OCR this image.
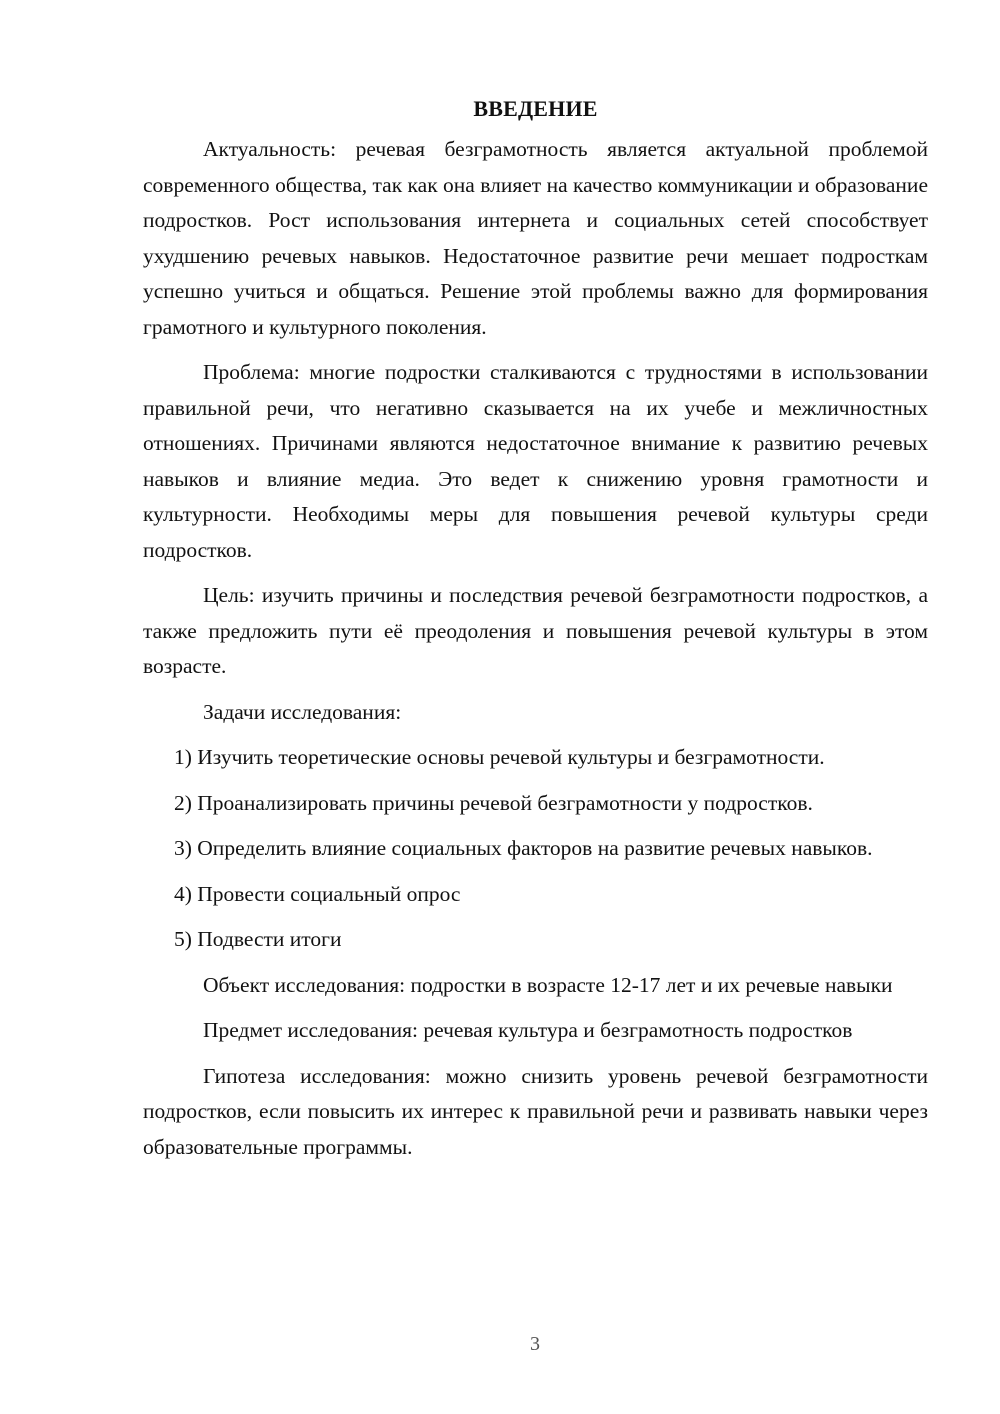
ВВЕДЕНИЕ

Актуальность: речевая безграмотность является актуальной проблемой современного общества, так как она влияет на качество коммуникации и образование подростков. Рост использования интернета и социальных сетей способствует ухудшению речевых навыков. Недостаточное развитие речи мешает подросткам успешно учиться и общаться. Решение этой проблемы важно для формирования грамотного и культурного поколения.

Проблема: многие подростки сталкиваются с трудностями в использовании правильной речи, что негативно сказывается на их учебе и межличностных отношениях. Причинами являются недостаточное внимание к развитию речевых навыков и влияние медиа. Это ведет к снижению уровня грамотности и культурности. Необходимы меры для повышения речевой культуры среди подростков.

Цель: изучить причины и последствия речевой безграмотности подростков, а также предложить пути её преодоления и повышения речевой культуры в этом возрасте.

Задачи исследования:

1) Изучить теоретические основы речевой культуры и безграмотности.

2) Проанализировать причины речевой безграмотности у подростков.

3) Определить влияние социальных факторов на развитие речевых навыков.

4) Провести социальный опрос

5) Подвести итоги

Объект исследования: подростки в возрасте 12-17 лет и их речевые навыки

Предмет исследования: речевая культура и безграмотность подростков

Гипотеза исследования: можно снизить уровень речевой безграмотности подростков, если повысить их интерес к правильной речи и развивать навыки через образовательные программы.

3
